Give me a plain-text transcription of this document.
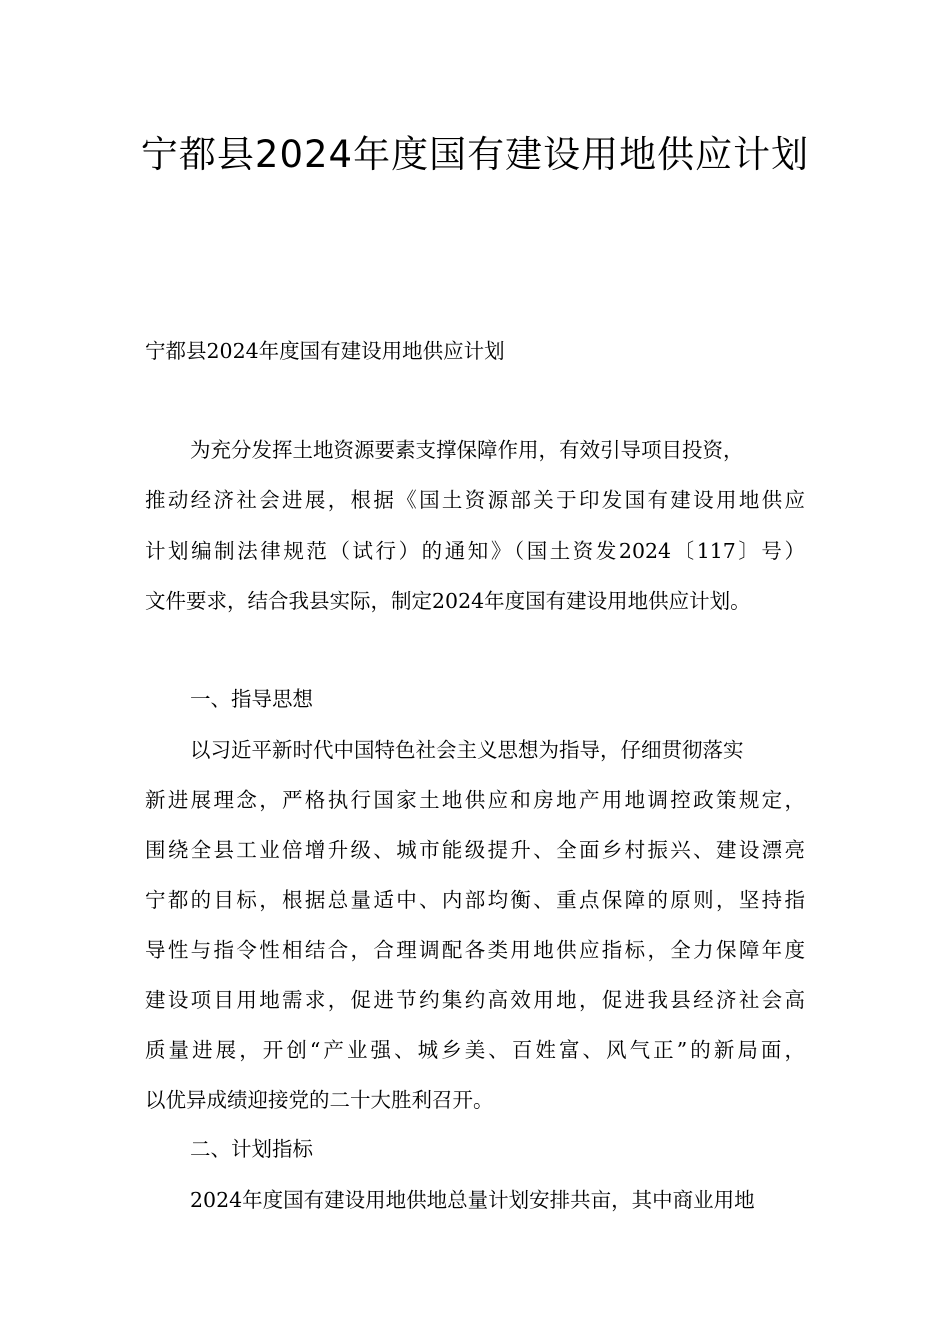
宁都县2024年度国有建设用地供应计划

宁都县2024年度国有建设用地供应计划

为充分发挥土地资源要素支撑保障作用，有效引导项目投资，

推动经济社会进展，根据《国土资源部关于印发国有建设用地供应

计划编制法律规范（试行）的通知》（国土资发2024〔117〕号）

文件要求，结合我县实际，制定2024年度国有建设用地供应计划。

一、指导思想

以习近平新时代中国特色社会主义思想为指导，仔细贯彻落实

新进展理念，严格执行国家土地供应和房地产用地调控政策规定，

围绕全县工业倍增升级、城市能级提升、全面乡村振兴、建设漂亮

宁都的目标，根据总量适中、内部均衡、重点保障的原则，坚持指

导性与指令性相结合，合理调配各类用地供应指标，全力保障年度

建设项目用地需求，促进节约集约高效用地，促进我县经济社会高

质量进展，开创“产业强、城乡美、百姓富、风气正”的新局面，

以优异成绩迎接党的二十大胜利召开。

二、计划指标

2024年度国有建设用地供地总量计划安排共亩，其中商业用地
